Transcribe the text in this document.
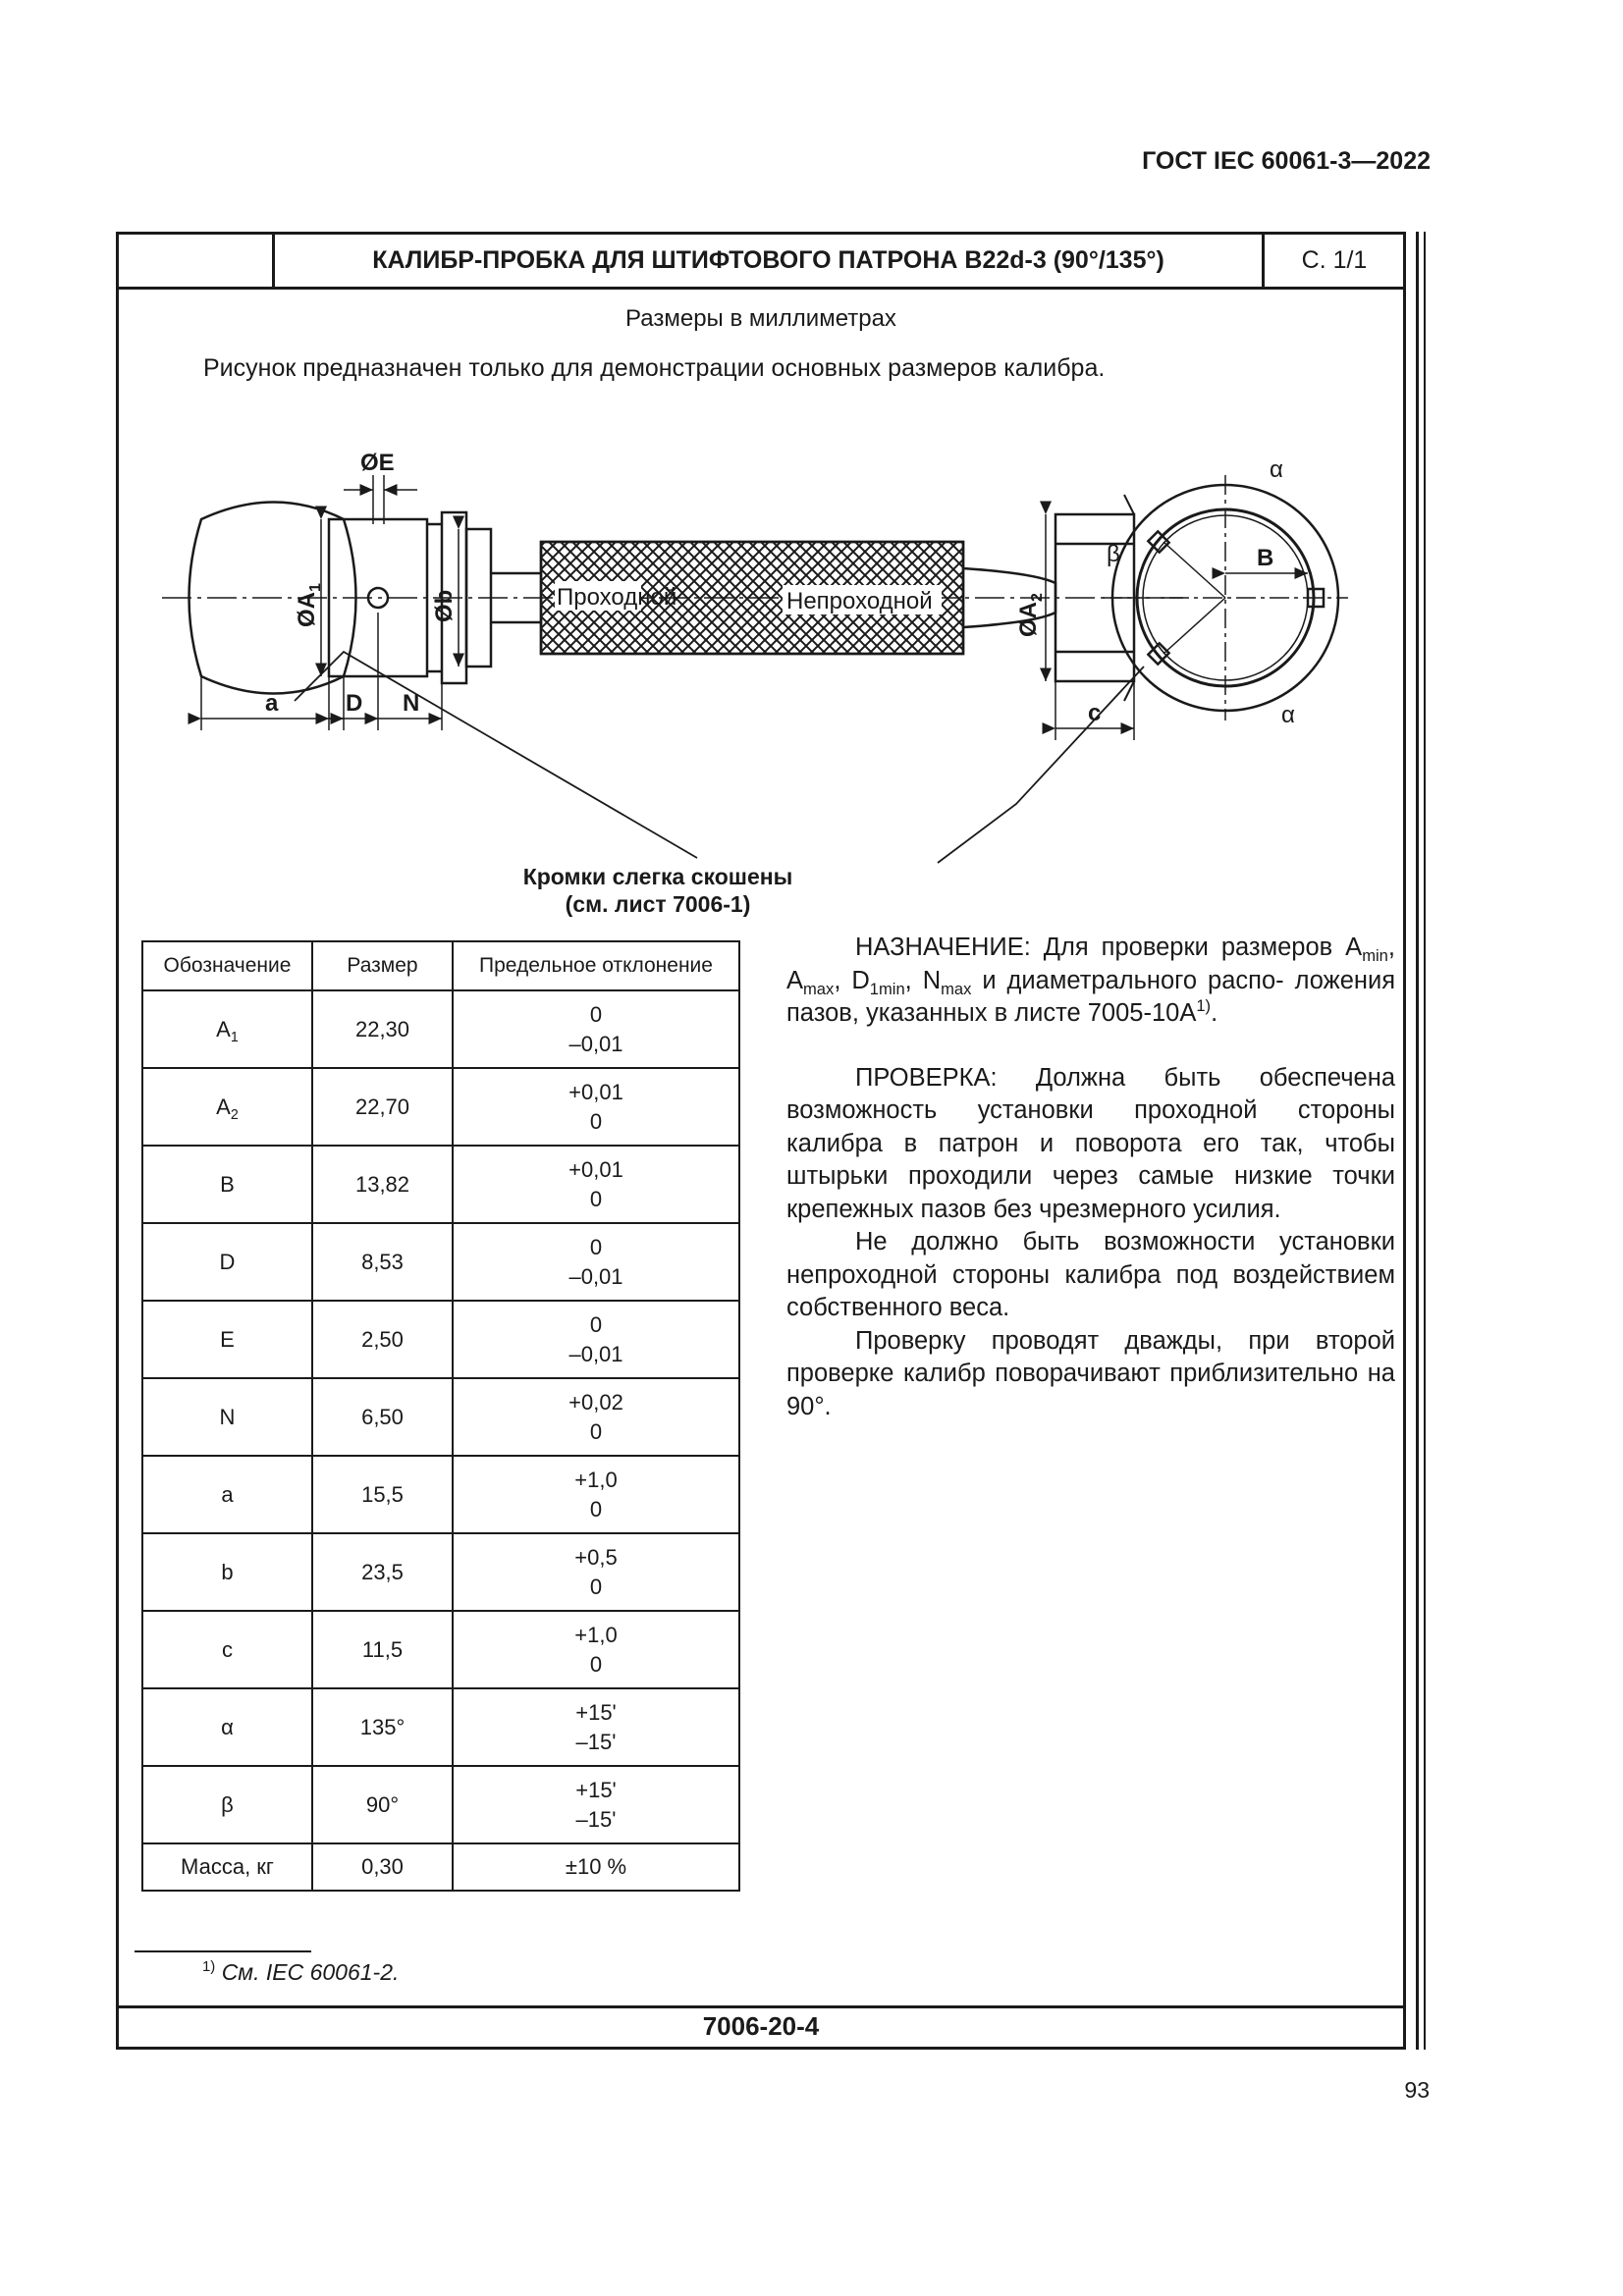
ГОСТ IEC 60061-3—2022
КАЛИБР-ПРОБКА ДЛЯ ШТИФТОВОГО ПАТРОНА B22d-3 (90°/135°)	С. 1/1
Размеры в миллиметрах
Рисунок предназначен только для демонстрации основных размеров калибра.
ØE
$ØA_1$
Øb	$ØA_2$
Проходной	Непроходной
a	D N	c
B
α
α
β
Кромки слегка скошены
(см. лист 7006-1)
Обозначение	Размер	Предельное отклонение
$A_1$	22,30	0
–0,01

$A_2$	22,70	+0,01
0

B	13,82	+0,01
0

D	8,53	0
–0,01

E	2,50	0
–0,01

N	6,50	+0,02
0

a	15,5	+1,0
0

b	23,5	+0,5
0

c	11,5	+1,0
0

α	135°	+15'
–15'

β	90°	+15'
–15'

Масса, кг	0,30	±10 %

НАЗНАЧЕНИЕ: Для проверки размеров $A_{min}$, $A_{max}$, $D_{1min}$, $N_{max}$ и диаметрального распо- ложения пазов, указанных в листе $7005-10A^{1)}$.

ПРОВЕРКА: Должна быть обеспечена возможность установки проходной стороны калибра в патрон и поворота его так, чтобы штырьки проходили через самые низкие точки крепежных пазов без чрезмерного усилия.

Не должно быть возможности установки непроходной стороны калибра под воздействием собственного веса.

Проверку проводят дважды, при второй проверке калибр поворачивают приблизительно на 90°.

$^{1)}$ См. IEC 60061-2.
7006-20-4
93
